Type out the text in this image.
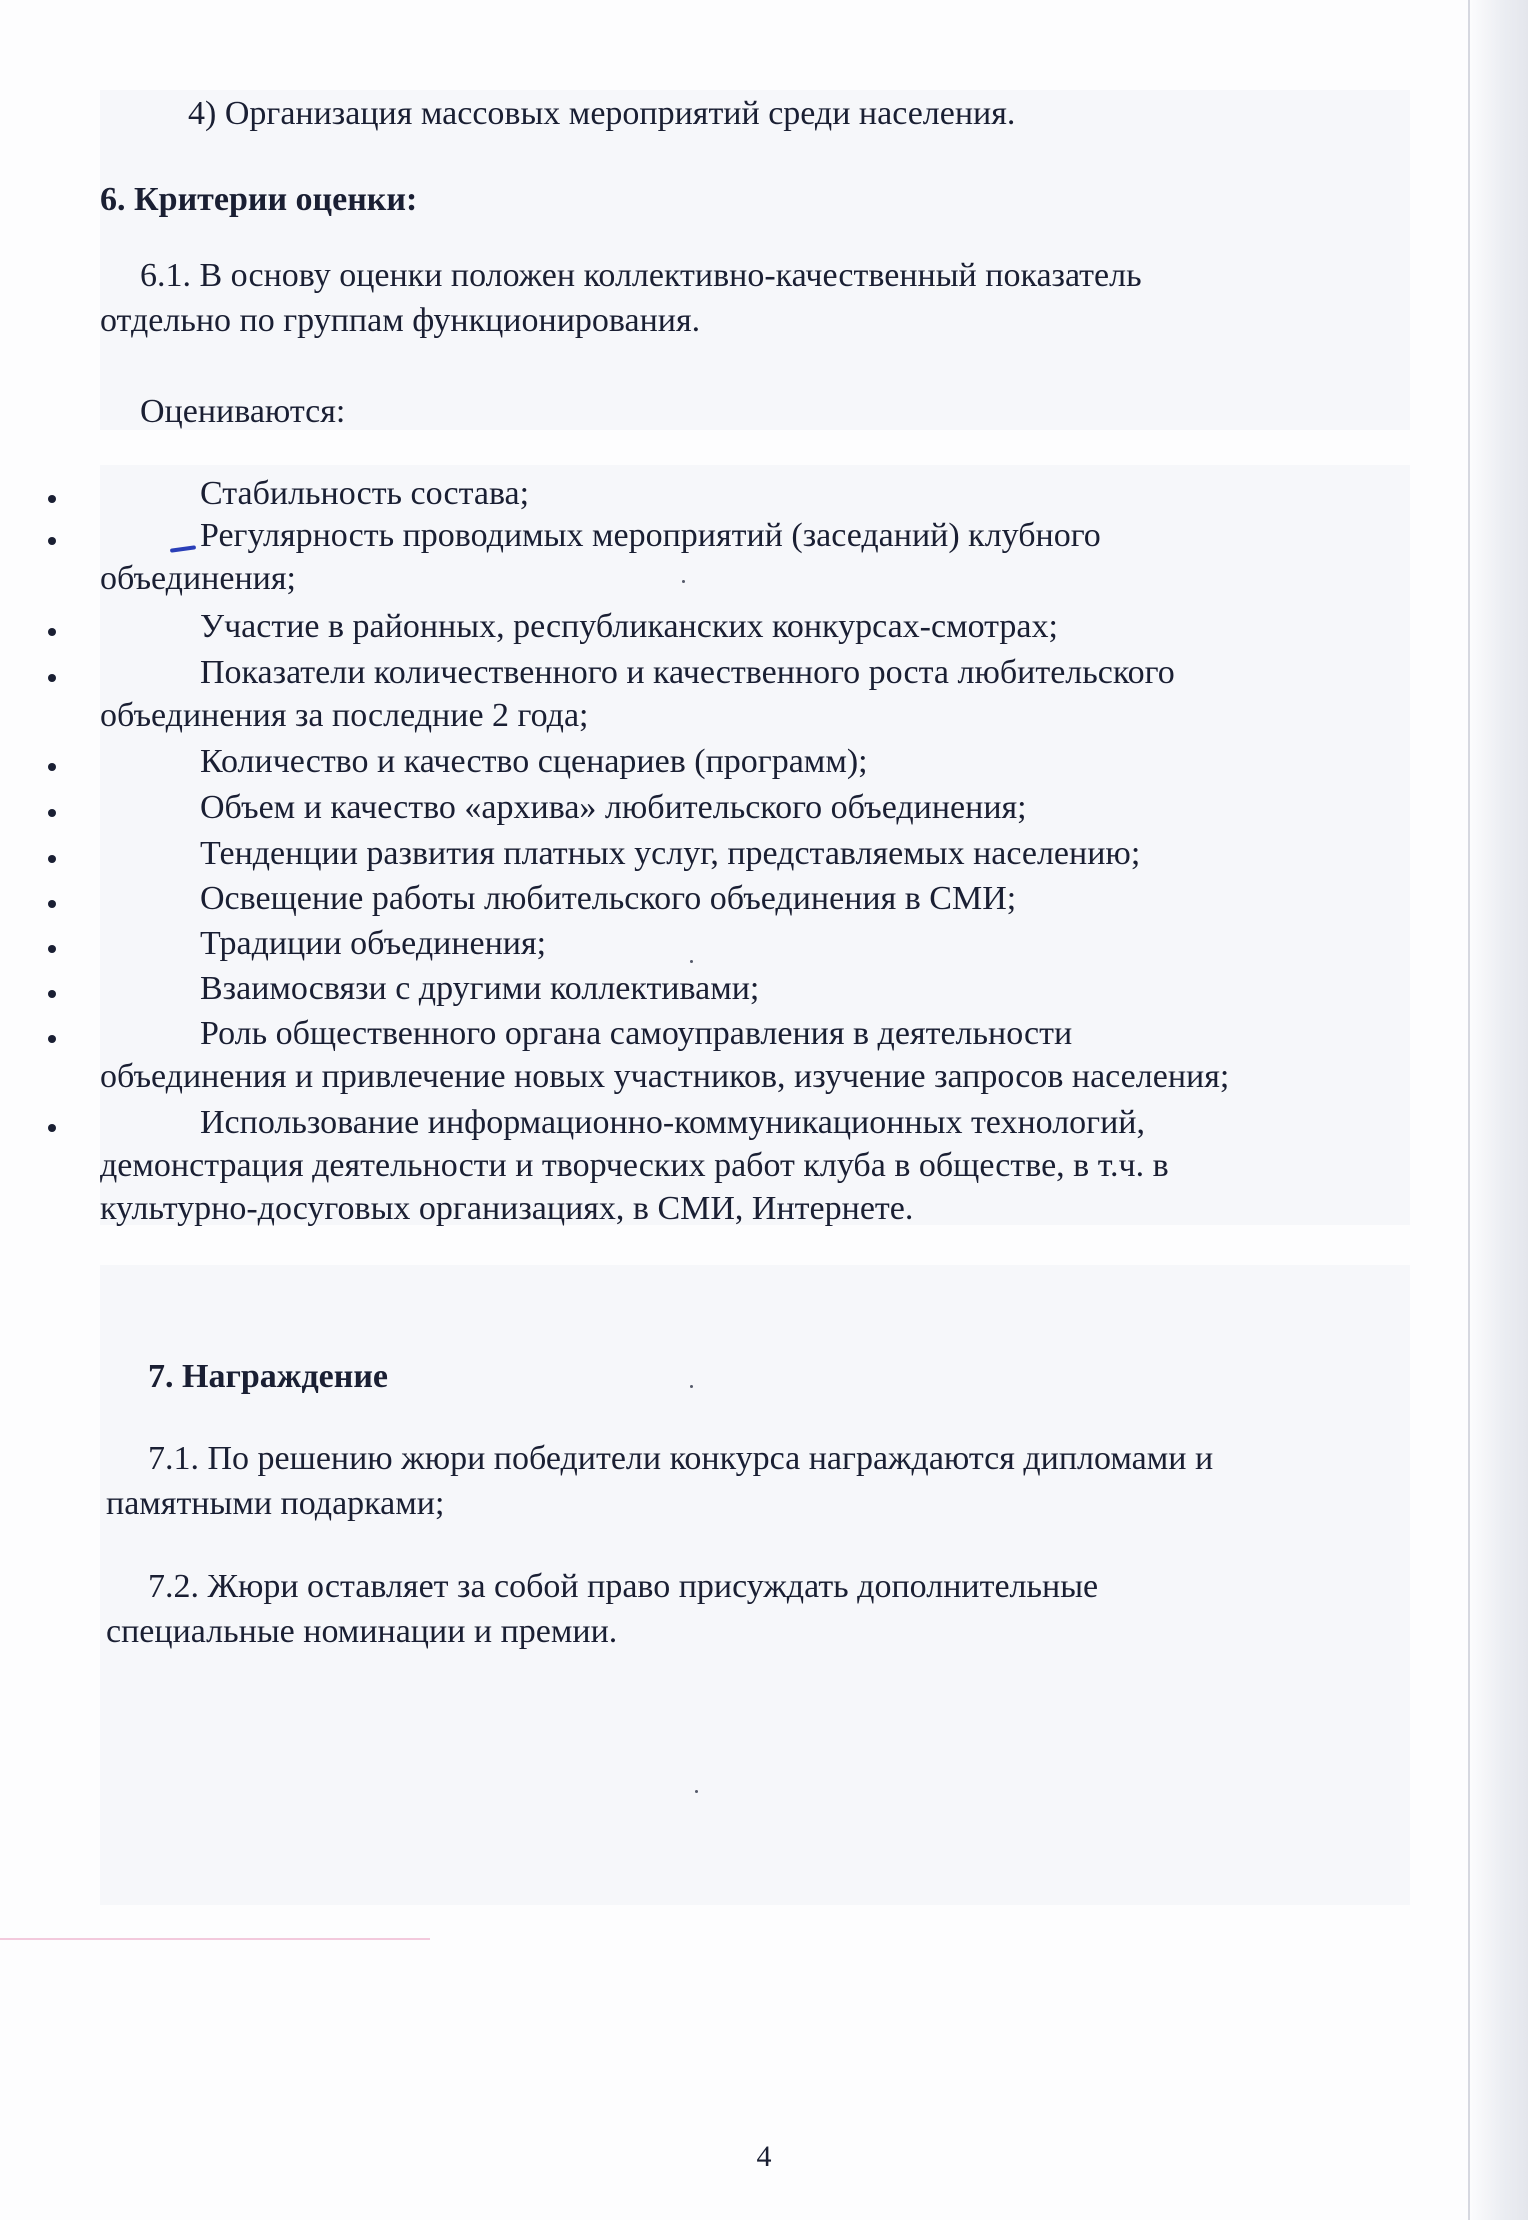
4) Организация массовых мероприятий среди населения.
6. Критерии оценки:
6.1. В основу оценки положен коллективно-качественный показатель
отдельно по группам функционирования.
Оцениваются:
Стабильность состава;
Регулярность проводимых мероприятий (заседаний) клубного
объединения;
Участие в районных, республиканских конкурсах-смотрах;
Показатели количественного и качественного роста любительского
объединения за последние 2 года;
Количество и качество сценариев (программ);
Объем и качество «архива» любительского объединения;
Тенденции развития платных услуг, представляемых населению;
Освещение работы любительского объединения в СМИ;
Традиции объединения;
Взаимосвязи с другими коллективами;
Роль общественного органа самоуправления в деятельности
объединения и привлечение новых участников, изучение запросов населения;
Использование информационно-коммуникационных технологий,
демонстрация деятельности и творческих работ клуба в обществе, в т.ч. в
культурно-досуговых организациях, в СМИ, Интернете.
7. Награждение
7.1. По решению жюри победители конкурса награждаются дипломами и
памятными подарками;
7.2. Жюри оставляет за собой право присуждать дополнительные
специальные номинации и премии.
4
